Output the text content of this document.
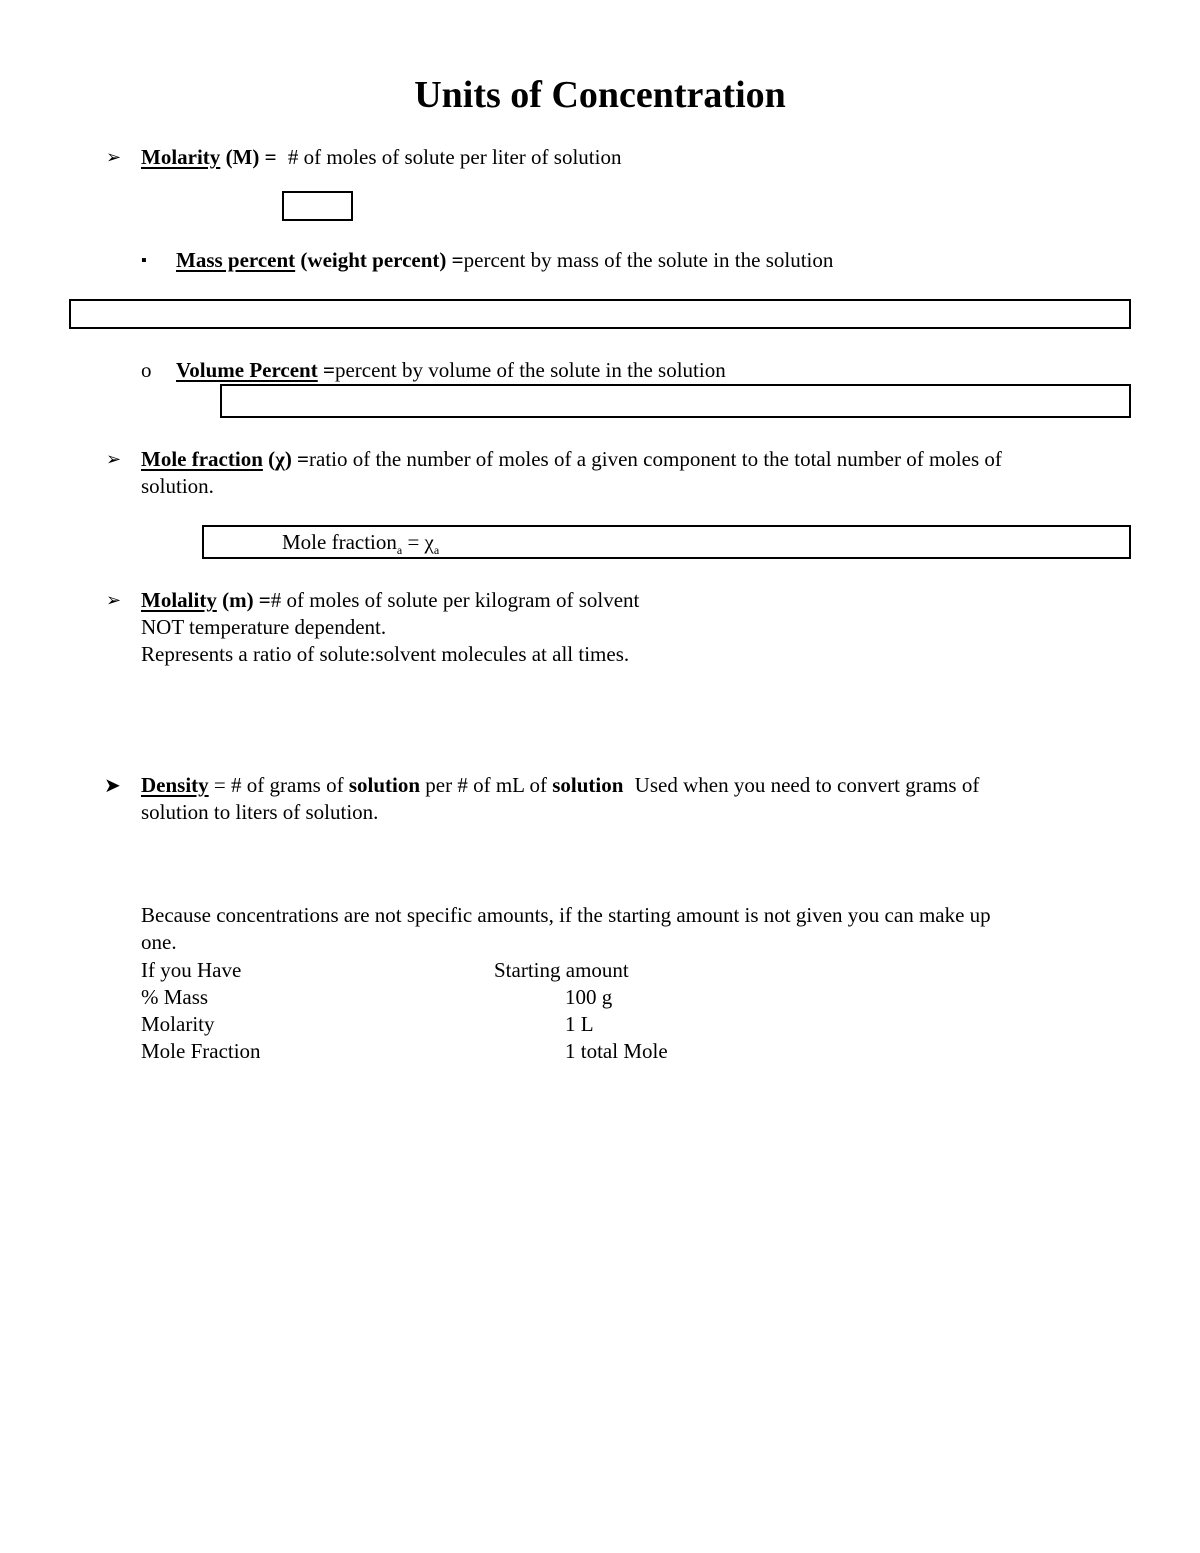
Units of Concentration
➢ Molarity (M) = # of moles of solute per liter of solution
▪ Mass percent (weight percent) =percent by mass of the solute in the solution
o Volume Percent =percent by volume of the solute in the solution
➢ Mole fraction (χ) =ratio of the number of moles of a given component to the total number of moles of
solution.
Mole fraction$_a$ = $\chi_a$
➢ Molality (m) =# of moles of solute per kilogram of solvent
NOT temperature dependent.
Represents a ratio of solute:solvent molecules at all times.
➤ Density = # of grams of solution per # of mL of solution Used when you need to convert grams of
solution to liters of solution.
Because concentrations are not specific amounts, if the starting amount is not given you can make up
one.
If you Have	Starting amount
% Mass	100 g
Molarity	1 L
Mole Fraction	1 total Mole
